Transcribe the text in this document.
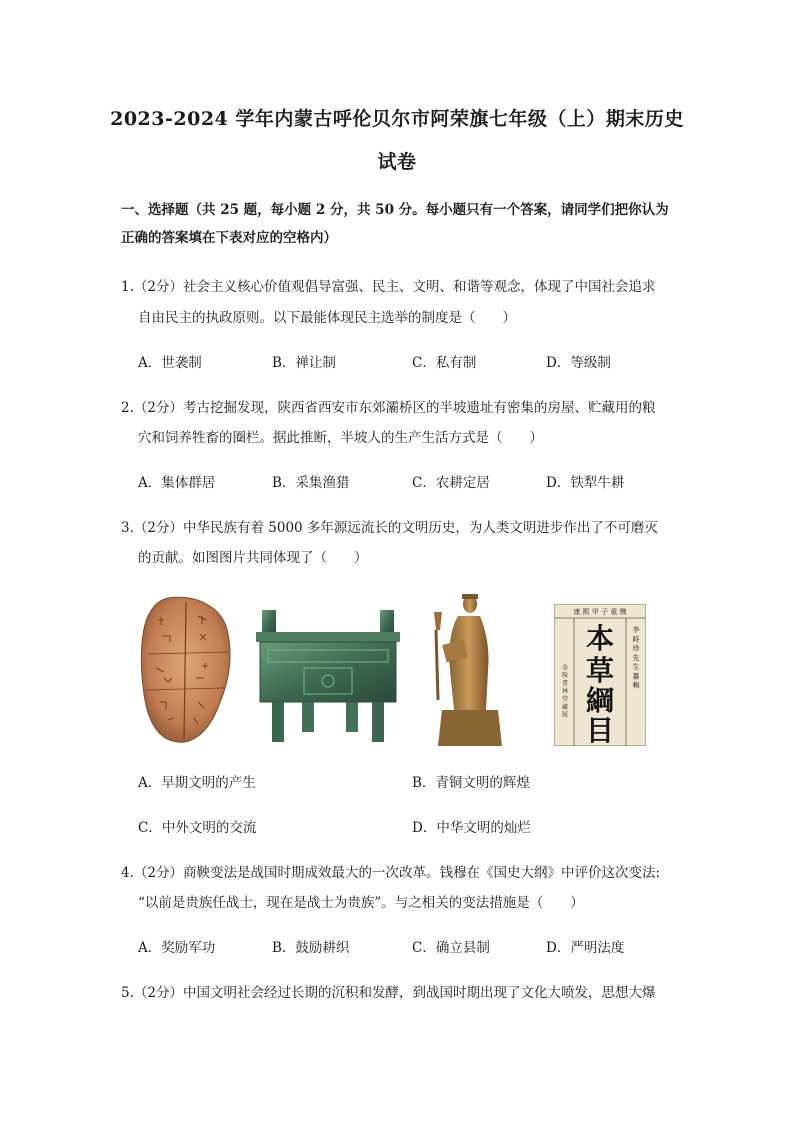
2023-2024 学年内蒙古呼伦贝尔市阿荣旗七年级（上）期末历史
试卷
一、选择题（共 25 题，每小题 2 分，共 50 分。每小题只有一个答案，请同学们把你认为
正确的答案填在下表对应的空格内）
1.（2分）社会主义核心价值观倡导富强、民主、文明、和谐等观念，体现了中国社会追求
自由民主的执政原则。以下最能体现民主选举的制度是（　　）
A．世袭制	B．禅让制	C．私有制	D．等级制
2.（2分）考古挖掘发现，陕西省西安市东郊灞桥区的半坡遗址有密集的房屋、贮藏用的粮
穴和饲养牲畜的圈栏。据此推断，半坡人的生产生活方式是（　　）
A．集体群居	B．采集渔猎	C．农耕定居	D．铁犁牛耕
3.（2分）中华民族有着 5000 多年源远流长的文明历史，为人类文明进步作出了不可磨灭
的贡献。如图图片共同体现了（　　）
康 熙 甲 子 重 镌
本
草
綱
目
李 時 珍 先 生 纂 輯
金 陵 書 林 堂 藏 版
A．早期文明的产生	B．青铜文明的辉煌
C．中外文明的交流	D．中华文明的灿烂
4.（2分）商鞅变法是战国时期成效最大的一次改革。钱穆在《国史大纲》中评价这次变法:
“以前是贵族任战士，现在是战士为贵族”。与之相关的变法措施是（　　）
A．奖励军功	B．鼓励耕织	C．确立县制	D．严明法度
5.（2分）中国文明社会经过长期的沉积和发酵，到战国时期出现了文化大喷发，思想大爆
